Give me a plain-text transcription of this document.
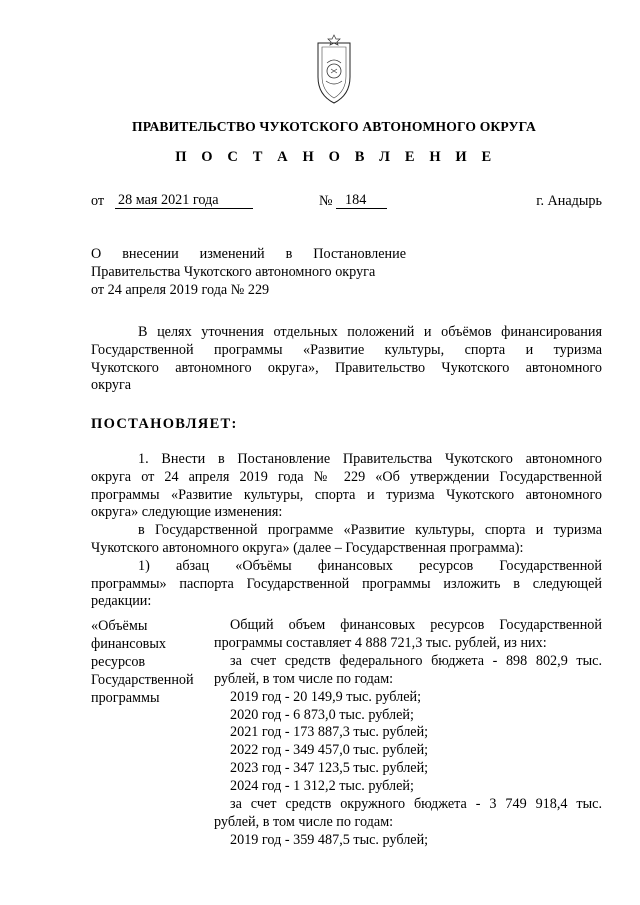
ПРАВИТЕЛЬСТВО ЧУКОТСКОГО АВТОНОМНОГО ОКРУГА
П О С Т А Н О В Л Е Н И Е
от 28 мая 2021 года	№ 184	г. Анадырь
О внесении изменений в Постановление
Правительства Чукотского автономного округа
от 24 апреля 2019 года № 229
В целях уточнения отдельных положений и объёмов финансирования
Государственной программы «Развитие культуры, спорта и туризма
Чукотского автономного округа», Правительство Чукотского автономного
округа
ПОСТАНОВЛЯЕТ:
1. Внести в Постановление Правительства Чукотского автономного
округа от 24 апреля 2019 года № 229 «Об утверждении Государственной
программы «Развитие культуры, спорта и туризма Чукотского автономного
округа» следующие изменения:
в Государственной программе «Развитие культуры, спорта и туризма
Чукотского автономного округа» (далее – Государственная программа):
1) абзац «Объёмы финансовых ресурсов Государственной
программы» паспорта Государственной программы изложить в следующей
редакции:
«Объёмы
финансовых
ресурсов
Государственной
программы
Общий объем финансовых ресурсов Государственной
программы составляет 4 888 721,3 тыс. рублей, из них:
за счет средств федерального бюджета - 898 802,9 тыс.
рублей, в том числе по годам:
2019 год - 20 149,9 тыс. рублей;
2020 год - 6 873,0 тыс. рублей;
2021 год - 173 887,3 тыс. рублей;
2022 год - 349 457,0 тыс. рублей;
2023 год - 347 123,5 тыс. рублей;
2024 год - 1 312,2 тыс. рублей;
за счет средств окружного бюджета - 3 749 918,4 тыс.
рублей, в том числе по годам:
2019 год - 359 487,5 тыс. рублей;
